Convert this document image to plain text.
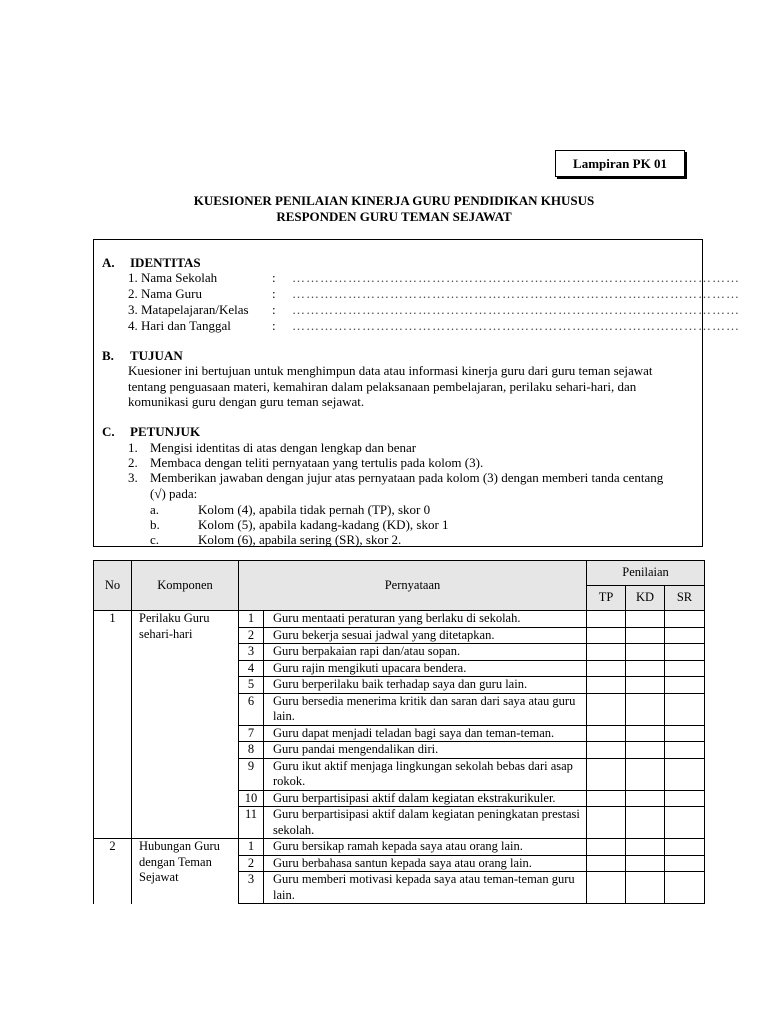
Lampiran PK 01
KUESIONER PENILAIAN KINERJA GURU PENDIDIKAN KHUSUS
RESPONDEN GURU TEMAN SEJAWAT
A. IDENTITAS
1. Nama Sekolah	: ……………………………………………………………………………………
2. Nama Guru	: ……………………………………………………………………………………
3. Matapelajaran/Kelas : ……………………………………………………………………………………
4. Hari dan Tanggal	: ……………………………………………………………………………………
B. TUJUAN
Kuesioner ini bertujuan untuk menghimpun data atau informasi kinerja guru dari guru teman sejawat tentang penguasaan materi, kemahiran dalam pelaksanaan pembelajaran, perilaku sehari-hari, dan komunikasi guru dengan guru teman sejawat.
C. PETUNJUK
1. Mengisi identitas di atas dengan lengkap dan benar
2. Membaca dengan teliti pernyataan yang tertulis pada kolom (3).
3. Memberikan jawaban dengan jujur atas pernyataan pada kolom (3) dengan memberi tanda centang (√) pada:
a.	Kolom (4), apabila tidak pernah (TP), skor 0
b.	Kolom (5), apabila kadang-kadang (KD), skor 1
c.	Kolom (6), apabila sering (SR), skor 2.
No	Komponen	Pernyataan		Penilaian		
				TP	KD	SR
1	Perilaku Guru sehari-hari	1	Guru mentaati peraturan yang berlaku di sekolah.			
		2	Guru bekerja sesuai jadwal yang ditetapkan.			
		3	Guru berpakaian rapi dan/atau sopan.			
		4	Guru rajin mengikuti upacara bendera.			
		5	Guru berperilaku baik terhadap saya dan guru lain.			
		6	Guru bersedia menerima kritik dan saran dari saya atau guru lain.			
		7	Guru dapat menjadi teladan bagi saya dan teman-teman.			
		8	Guru pandai mengendalikan diri.			
		9	Guru ikut aktif menjaga lingkungan sekolah bebas dari asap rokok.			
		10	Guru berpartisipasi aktif dalam kegiatan ekstrakurikuler.			
		11	Guru berpartisipasi aktif dalam kegiatan peningkatan prestasi sekolah.			
2	Hubungan Guru dengan Teman Sejawat	1	Guru bersikap ramah kepada saya atau orang lain.			
		2	Guru berbahasa santun kepada saya atau orang lain.			
		3	Guru memberi motivasi kepada saya atau teman-teman guru lain.			
